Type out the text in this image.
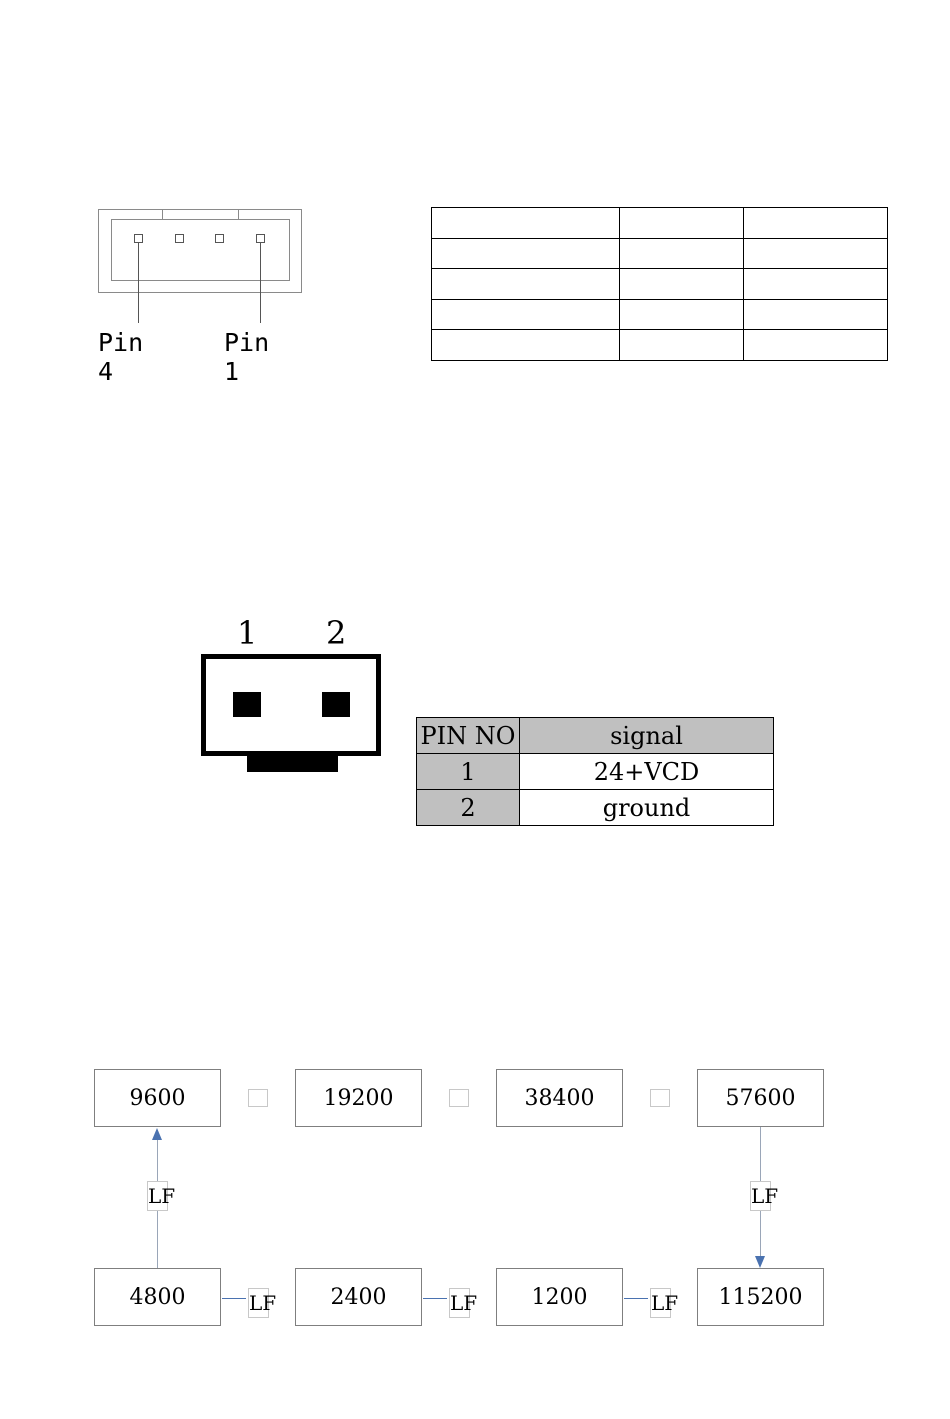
Pin 4
Pin 1

1 2
PIN NO	signal
1	24+VCD
2	ground
9600	19200	38400	57600
LF	LF
4800	2400	1200	115200
LF	LF	LF
